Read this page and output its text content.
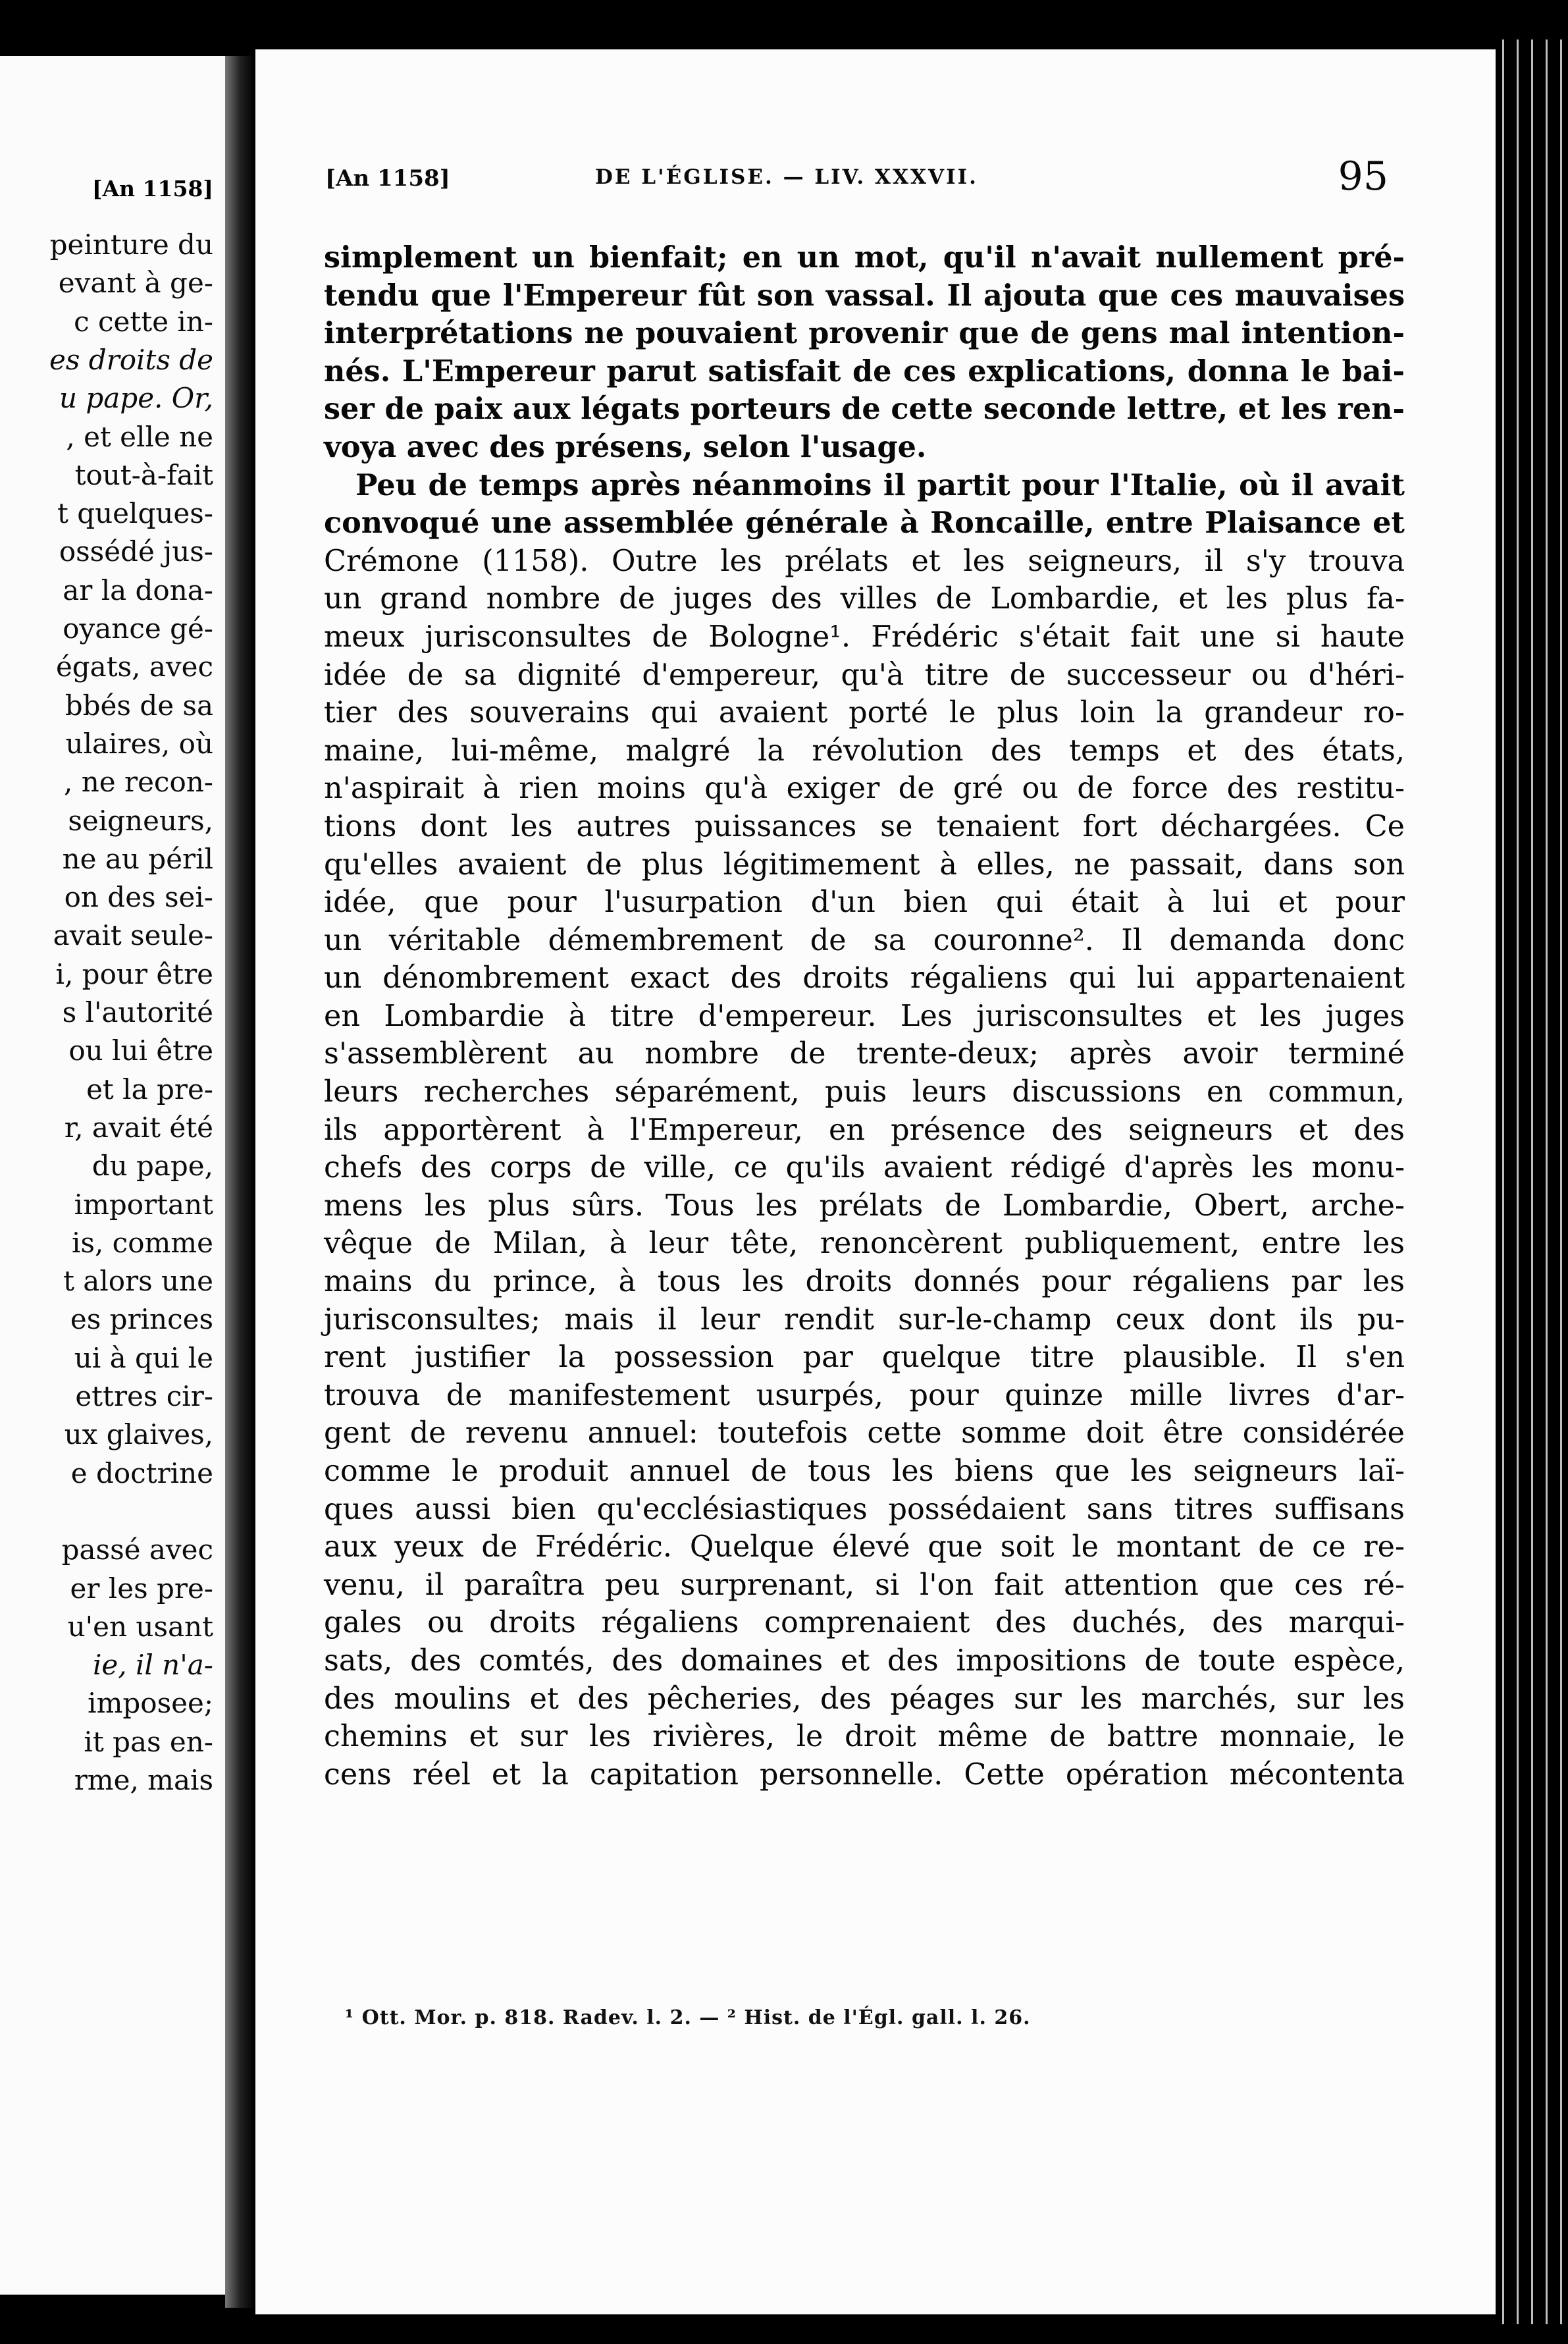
[An 1158]
peinture du
evant à ge-
c cette in-
es droits de
u pape. Or,
, et elle ne
tout-à-fait
t quelques-
ossédé jus-
ar la dona-
oyance gé-
égats, avec
bbés de sa
ulaires, où
, ne recon-
seigneurs,
ne au péril
on des sei-
avait seule-
i, pour être
s l'autorité
ou lui être
et la pre-
r, avait été
du pape,
important
is, comme
t alors une
es princes
ui à qui le
ettres cir-
ux glaives,
e doctrine
passé avec
er les pre-
u'en usant
ie, il n'a-
imposee;
it pas en-
rme, mais
[An 1158]	DE L'ÉGLISE. — LIV. XXXVII.	95
simplement un bienfait; en un mot, qu'il n'avait nullement pré-
tendu que l'Empereur fût son vassal. Il ajouta que ces mauvaises
interprétations ne pouvaient provenir que de gens mal intention-
nés. L'Empereur parut satisfait de ces explications, donna le bai-
ser de paix aux légats porteurs de cette seconde lettre, et les ren-
voya avec des présens, selon l'usage.
Peu de temps après néanmoins il partit pour l'Italie, où il avait
convoqué une assemblée générale à Roncaille, entre Plaisance et
Crémone (1158). Outre les prélats et les seigneurs, il s'y trouva
un grand nombre de juges des villes de Lombardie, et les plus fa-
meux jurisconsultes de Bologne¹. Frédéric s'était fait une si haute
idée de sa dignité d'empereur, qu'à titre de successeur ou d'héri-
tier des souverains qui avaient porté le plus loin la grandeur ro-
maine, lui-même, malgré la révolution des temps et des états,
n'aspirait à rien moins qu'à exiger de gré ou de force des restitu-
tions dont les autres puissances se tenaient fort déchargées. Ce
qu'elles avaient de plus légitimement à elles, ne passait, dans son
idée, que pour l'usurpation d'un bien qui était à lui et pour
un véritable démembrement de sa couronne². Il demanda donc
un dénombrement exact des droits régaliens qui lui appartenaient
en Lombardie à titre d'empereur. Les jurisconsultes et les juges
s'assemblèrent au nombre de trente-deux; après avoir terminé
leurs recherches séparément, puis leurs discussions en commun,
ils apportèrent à l'Empereur, en présence des seigneurs et des
chefs des corps de ville, ce qu'ils avaient rédigé d'après les monu-
mens les plus sûrs. Tous les prélats de Lombardie, Obert, arche-
vêque de Milan, à leur tête, renoncèrent publiquement, entre les
mains du prince, à tous les droits donnés pour régaliens par les
jurisconsultes; mais il leur rendit sur-le-champ ceux dont ils pu-
rent justifier la possession par quelque titre plausible. Il s'en
trouva de manifestement usurpés, pour quinze mille livres d'ar-
gent de revenu annuel: toutefois cette somme doit être considérée
comme le produit annuel de tous les biens que les seigneurs laï-
ques aussi bien qu'ecclésiastiques possédaient sans titres suffisans
aux yeux de Frédéric. Quelque élevé que soit le montant de ce re-
venu, il paraîtra peu surprenant, si l'on fait attention que ces ré-
gales ou droits régaliens comprenaient des duchés, des marqui-
sats, des comtés, des domaines et des impositions de toute espèce,
des moulins et des pêcheries, des péages sur les marchés, sur les
chemins et sur les rivières, le droit même de battre monnaie, le
cens réel et la capitation personnelle. Cette opération mécontenta
¹ Ott. Mor. p. 818. Radev. l. 2. — ² Hist. de l'Égl. gall. l. 26.
